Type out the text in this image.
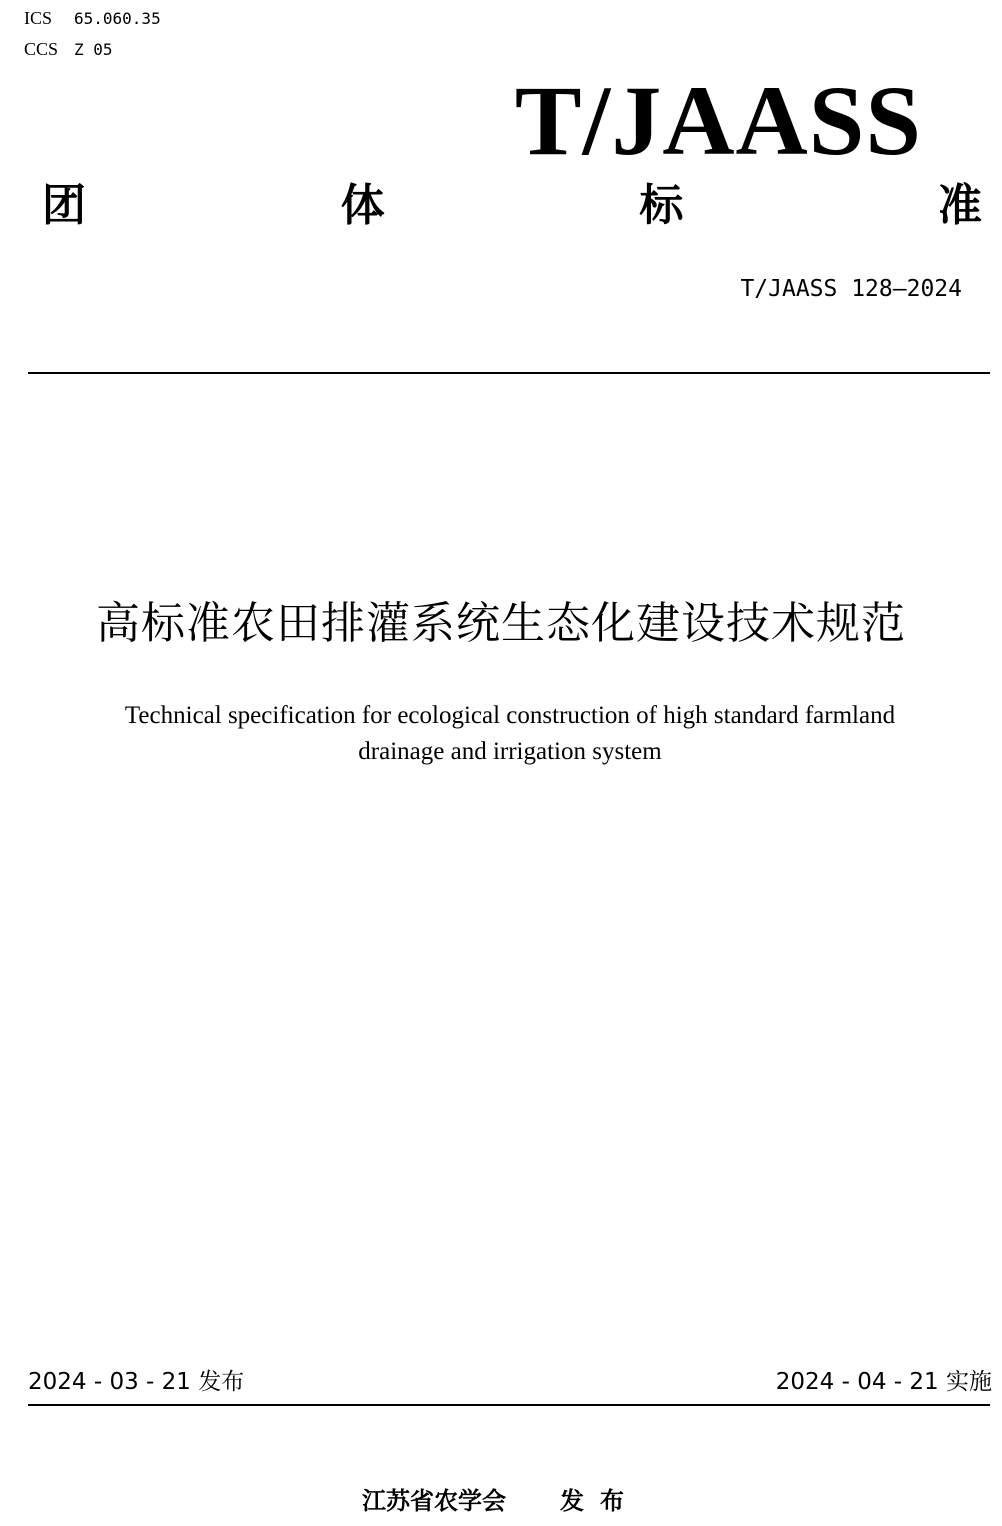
ICS 65.060.35
CCS Z 05
T/JAASS
团	体	标	准
T/JAASS 128—2024
高标准农田排灌系统生态化建设技术规范
Technical specification for ecological construction of high standard farmland
drainage and irrigation system
2024 - 03 - 21 发布	2024 - 04 - 21 实施
江苏省农学会 发布
